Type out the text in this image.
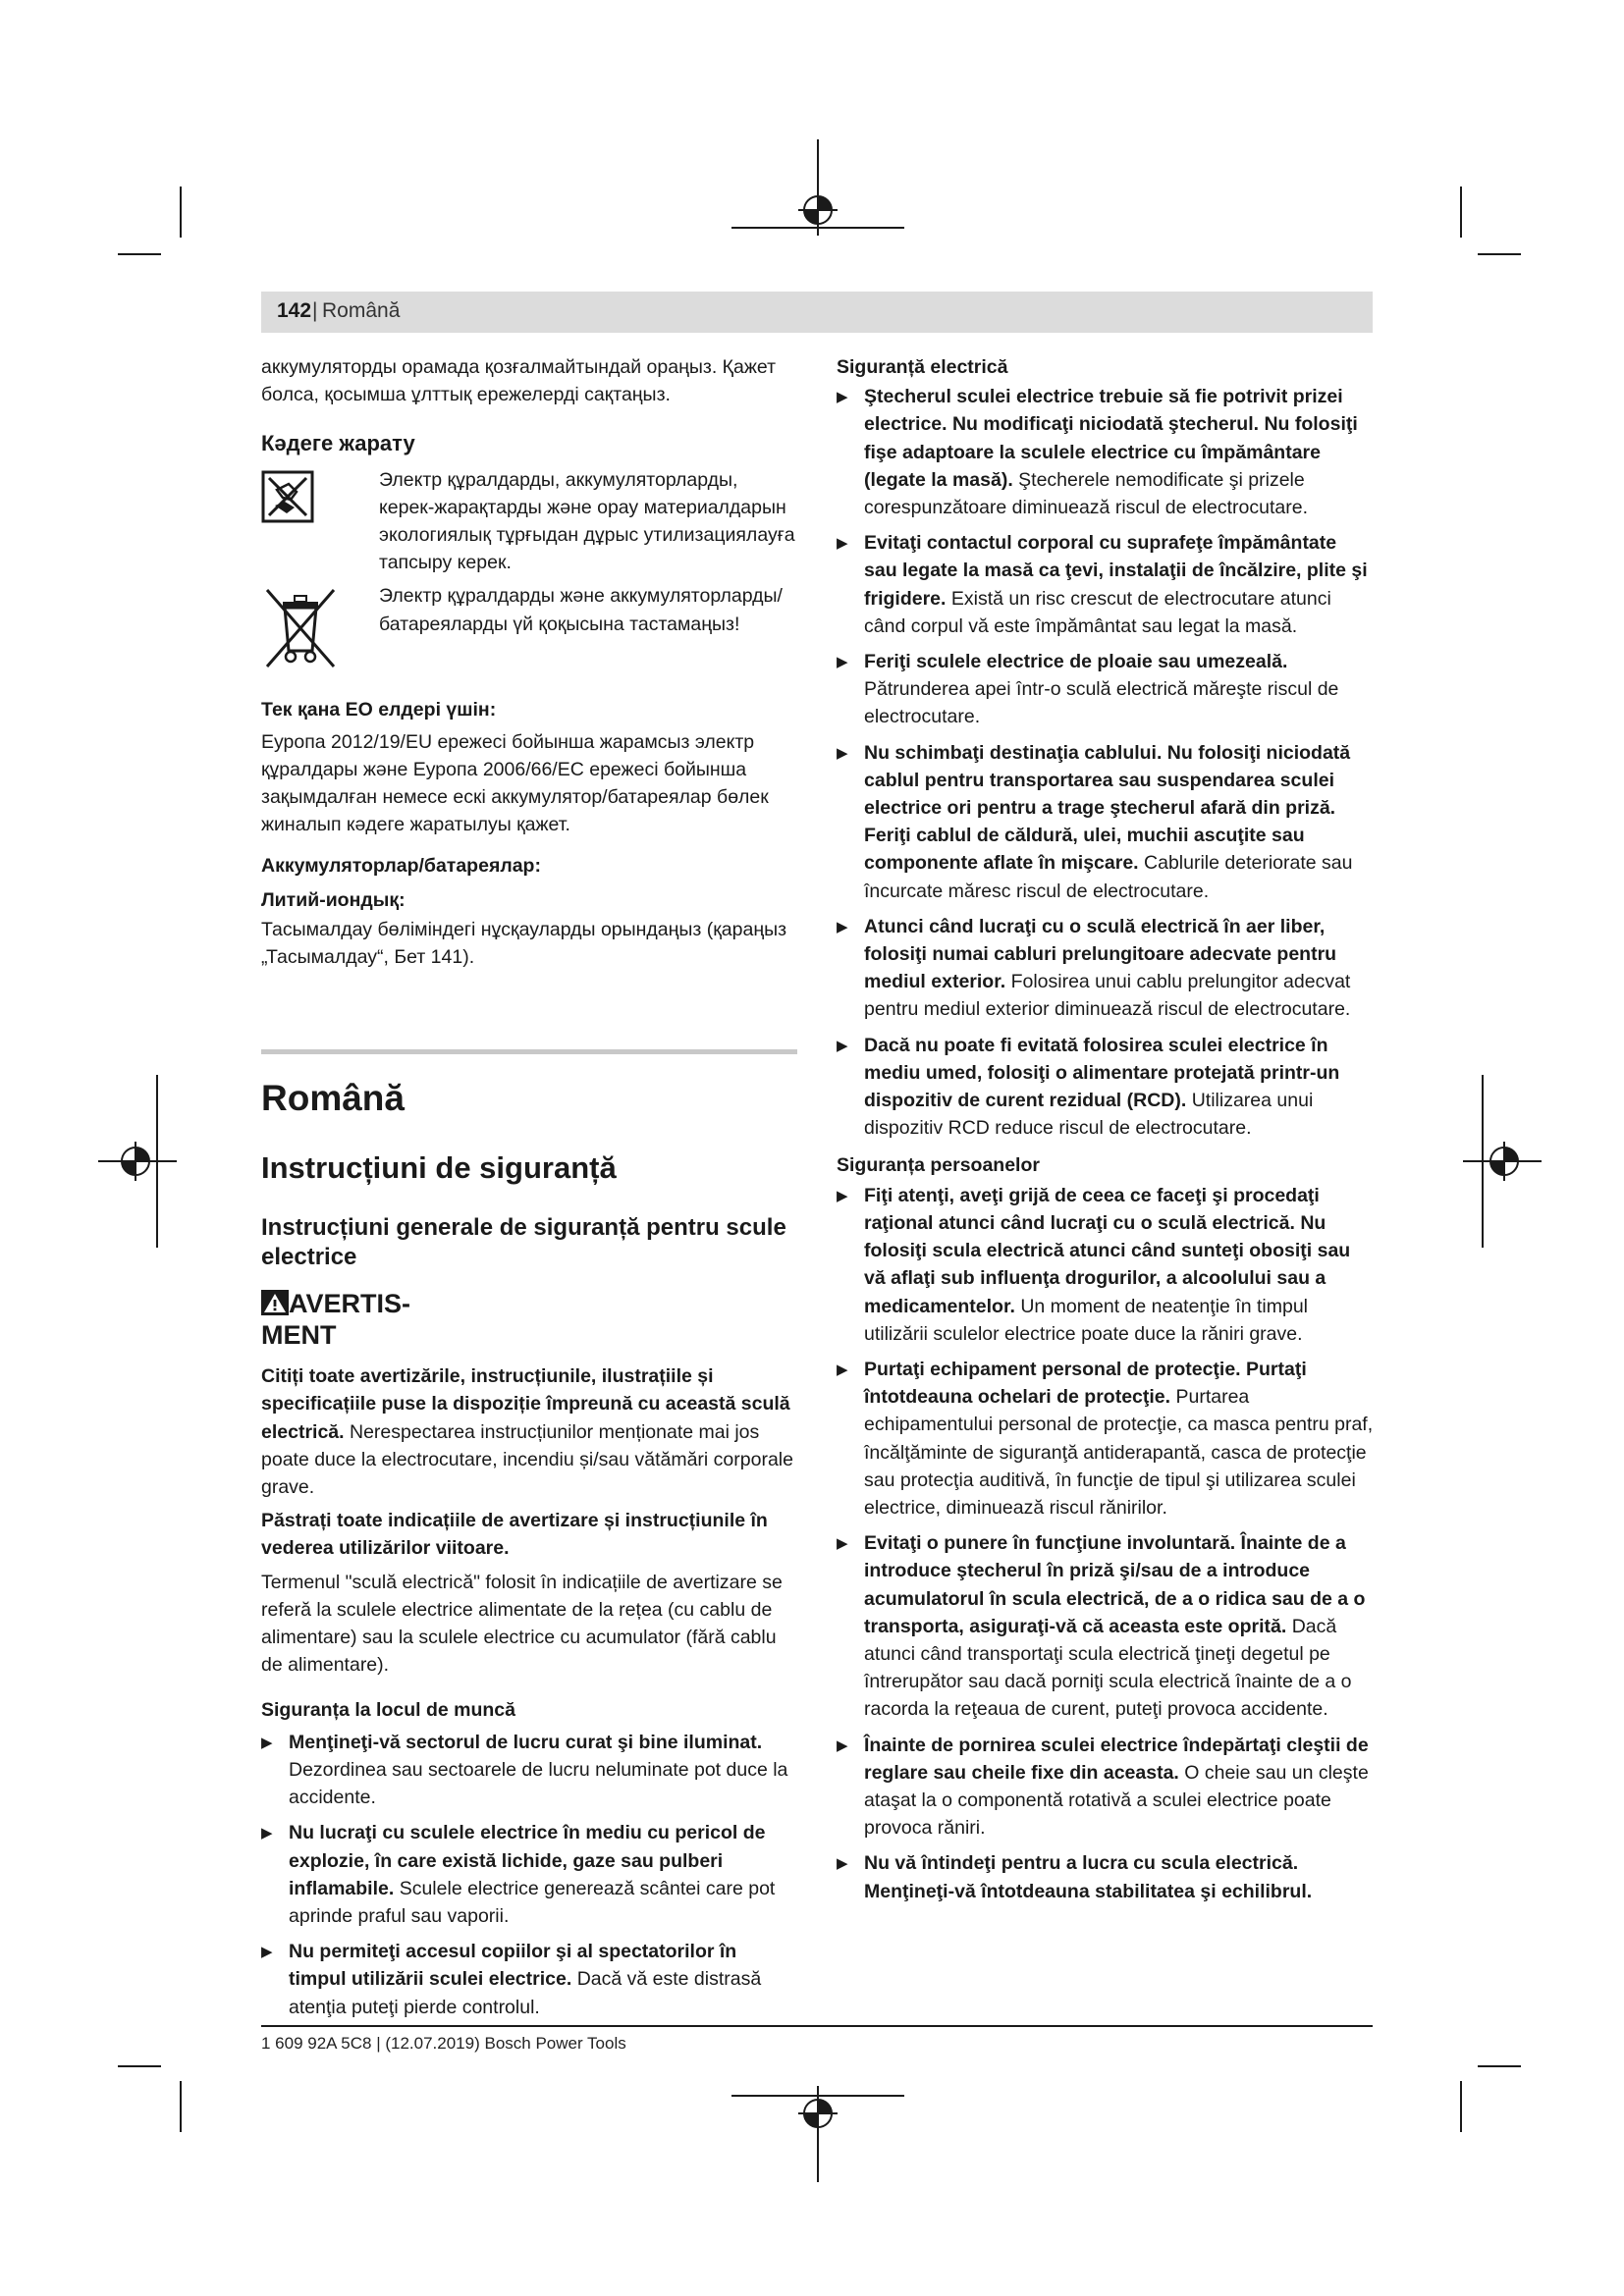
142 | Română

аккумуляторды орамада қозғалмайтындай ораңыз. Қажет болса, қосымша ұлттық ережелерді сақтаңыз.

Кәдеге жарату

Электр құралдарды, аккумуляторларды, керек-жарақтарды және орау материалдарын экологиялық тұрғыдан дұрыс утилизациялауға тапсыру керек.

Электр құралдарды және аккумуляторларды/батареяларды үй қоқысына тастамаңыз!

Тек қана ЕО елдері үшін:

Еуропа 2012/19/EU ережесі бойынша жарамсыз электр құралдары және Еуропа 2006/66/EC ережесі бойынша зақымдалған немесе ескі аккумулятор/батареялар бөлек жиналып кәдеге жаратылуы қажет.

Аккумуляторлар/батареялар:

Литий-иондық:

Тасымалдау бөліміндегі нұсқауларды орындаңыз (қараңыз „Тасымалдау“, Бет 141).

Română

Instrucțiuni de siguranță

Instrucțiuni generale de siguranță pentru scule electrice

AVERTIS-
MENT

Citiți toate avertizările, instrucțiunile, ilustrațiile și specificațiile puse la dispoziție împreună cu această sculă electrică. Nerespectarea instrucțiunilor menționate mai jos poate duce la electrocutare, incendiu și/sau vătămări corporale grave.

Păstrați toate indicațiile de avertizare și instrucțiunile în vederea utilizărilor viitoare.

Termenul "sculă electrică" folosit în indicațiile de avertizare se referă la sculele electrice alimentate de la rețea (cu cablu de alimentare) sau la sculele electrice cu acumulator (fără cablu de alimentare).

Siguranța la locul de muncă

▶ Menţineţi-vă sectorul de lucru curat şi bine iluminat. Dezordinea sau sectoarele de lucru neluminate pot duce la accidente.
▶ Nu lucraţi cu sculele electrice în mediu cu pericol de explozie, în care există lichide, gaze sau pulberi inflamabile. Sculele electrice generează scântei care pot aprinde praful sau vaporii.
▶ Nu permiteţi accesul copiilor şi al spectatorilor în timpul utilizării sculei electrice. Dacă vă este distrasă atenţia puteţi pierde controlul.

Siguranță electrică

▶ Ştecherul sculei electrice trebuie să fie potrivit prizei electrice. Nu modificaţi niciodată ştecherul. Nu folosiţi fişe adaptoare la sculele electrice cu împământare (legate la masă). Ştecherele nemodificate şi prizele corespunzătoare diminuează riscul de electrocutare.
▶ Evitaţi contactul corporal cu suprafeţe împământate sau legate la masă ca ţevi, instalaţii de încălzire, plite şi frigidere. Există un risc crescut de electrocutare atunci când corpul vă este împământat sau legat la masă.
▶ Feriţi sculele electrice de ploaie sau umezeală. Pătrunderea apei într-o sculă electrică măreşte riscul de electrocutare.
▶ Nu schimbaţi destinaţia cablului. Nu folosiţi niciodată cablul pentru transportarea sau suspendarea sculei electrice ori pentru a trage ştecherul afară din priză. Feriţi cablul de căldură, ulei, muchii ascuţite sau componente aflate în mişcare. Cablurile deteriorate sau încurcate măresc riscul de electrocutare.
▶ Atunci când lucraţi cu o sculă electrică în aer liber, folosiţi numai cabluri prelungitoare adecvate pentru mediul exterior. Folosirea unui cablu prelungitor adecvat pentru mediul exterior diminuează riscul de electrocutare.
▶ Dacă nu poate fi evitată folosirea sculei electrice în mediu umed, folosiţi o alimentare protejată printr-un dispozitiv de curent rezidual (RCD). Utilizarea unui dispozitiv RCD reduce riscul de electrocutare.

Siguranța persoanelor

▶ Fiţi atenţi, aveţi grijă de ceea ce faceţi şi procedaţi raţional atunci când lucraţi cu o sculă electrică. Nu folosiţi scula electrică atunci când sunteţi obosiţi sau vă aflaţi sub influenţa drogurilor, a alcoolului sau a medicamentelor. Un moment de neatenţie în timpul utilizării sculelor electrice poate duce la răniri grave.
▶ Purtaţi echipament personal de protecţie. Purtaţi întotdeauna ochelari de protecţie. Purtarea echipamentului personal de protecţie, ca masca pentru praf, încălţăminte de siguranţă antiderapantă, casca de protecţie sau protecţia auditivă, în funcţie de tipul şi utilizarea sculei electrice, diminuează riscul rănirilor.
▶ Evitaţi o punere în funcţiune involuntară. Înainte de a introduce ştecherul în priză şi/sau de a introduce acumulatorul în scula electrică, de a o ridica sau de a o transporta, asiguraţi-vă că aceasta este oprită. Dacă atunci când transportaţi scula electrică ţineţi degetul pe întrerupător sau dacă porniţi scula electrică înainte de a o racorda la reţeaua de curent, puteţi provoca accidente.
▶ Înainte de pornirea sculei electrice îndepărtaţi cleştii de reglare sau cheile fixe din aceasta. O cheie sau un cleşte ataşat la o componentă rotativă a sculei electrice poate provoca răniri.
▶ Nu vă întindeţi pentru a lucra cu scula electrică. Menţineţi-vă întotdeauna stabilitatea şi echilibrul.
1 609 92A 5C8 | (12.07.2019) Bosch Power Tools
